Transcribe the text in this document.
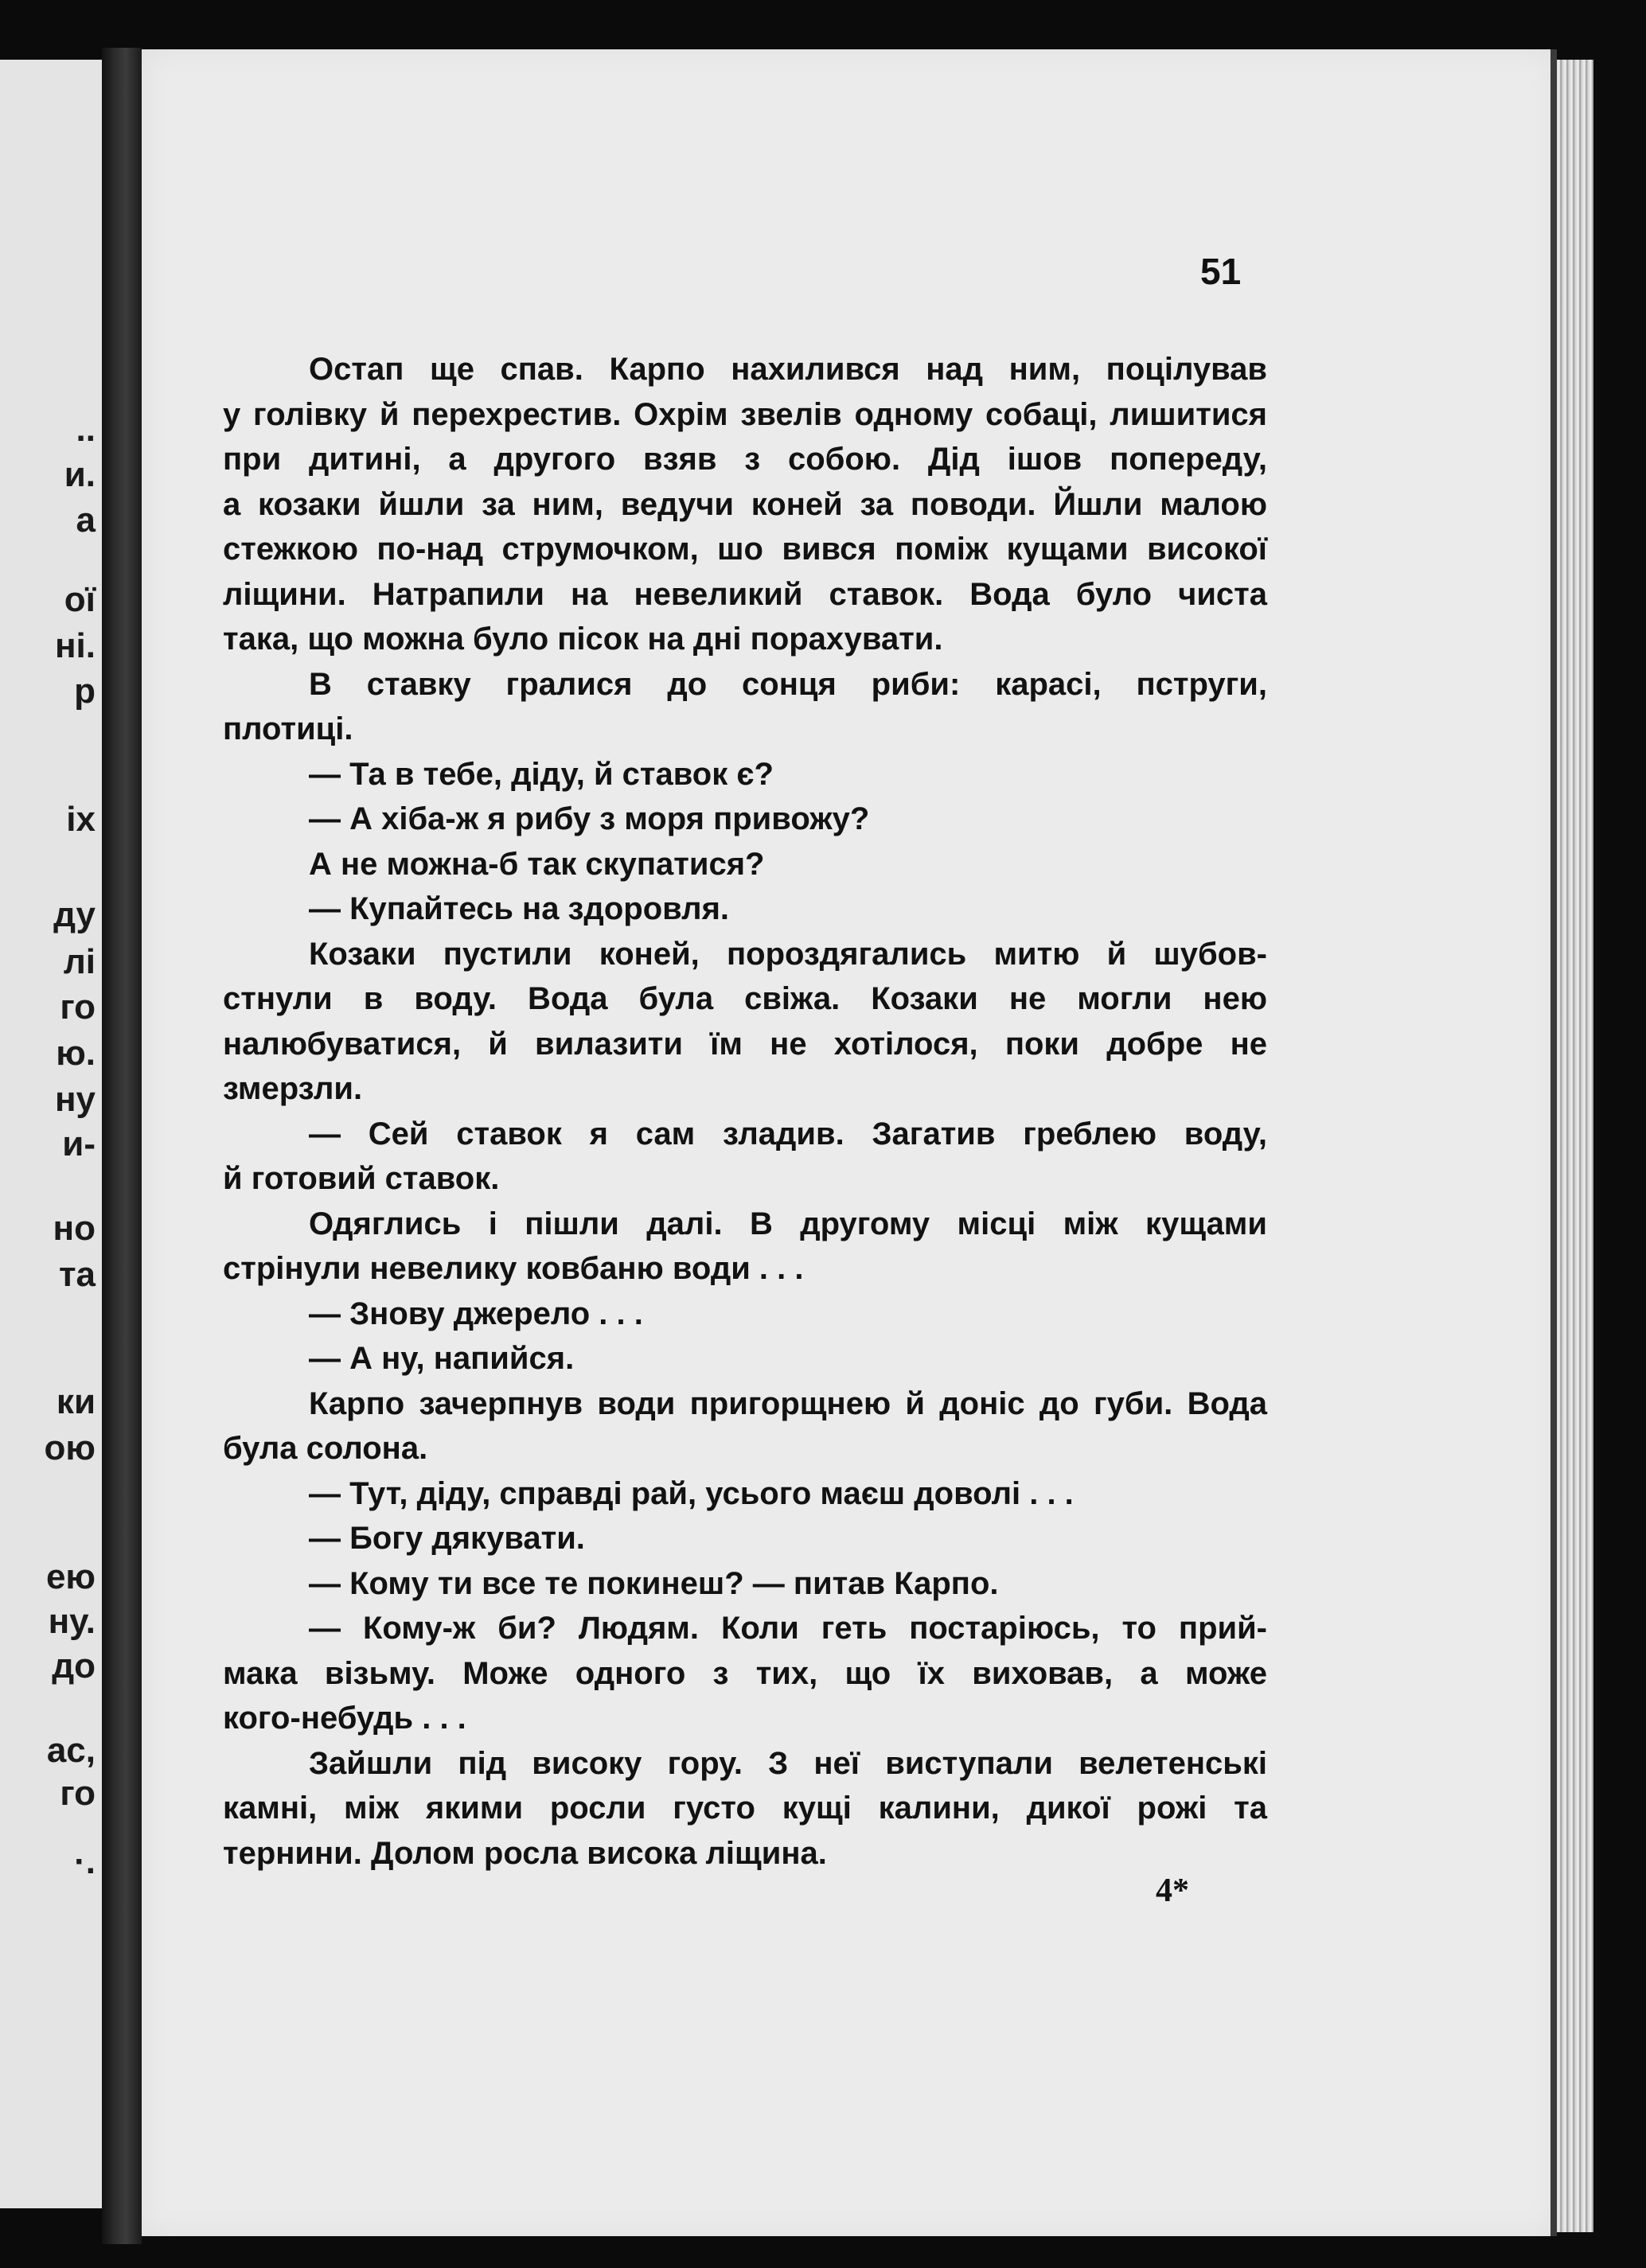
..
и.
а
ої
ні.
р
іх
ду
лі
го
ю.
ну
и-
но
та
ки
ою
ею
ну.
до
ас,
го
·.
51
Остап ще спав. Карпо нахилився над ним, поцілував
у голівку й перехрестив. Охрім звелів одному собаці, лишитися
при дитині, а другого взяв з собою. Дід ішов попереду,
а козаки йшли за ним, ведучи коней за поводи. Йшли малою
стежкою по-над струмочком, шо вився поміж кущами високої
ліщини. Натрапили на невеликий ставок. Вода було чиста
така, що можна було пісок на дні порахувати.
В ставку гралися до сонця риби: карасі, пструги,
плотиці.
— Та в тебе, діду, й ставок є?
— А хіба-ж я рибу з моря привожу?
А не можна-б так скупатися?
— Купайтесь на здоровля.
Козаки пустили коней, пороздягались митю й шубов-
стнули в воду. Вода була свіжа. Козаки не могли нею
налюбуватися, й вилазити їм не хотілося, поки добре не
змерзли.
— Сей ставок я сам зладив. Загатив греблею воду,
й готовий ставок.
Одяглись і пішли далі. В другому місці між кущами
стрінули невелику ковбаню води . . .
— Знову джерело . . .
— А ну, напийся.
Карпо зачерпнув води пригорщнею й доніс до губи. Вода
була солона.
— Тут, діду, справді рай, усього маєш доволі . . .
— Богу дякувати.
— Кому ти все те покинеш? — питав Карпо.
— Кому-ж би? Людям. Коли геть постаріюсь, то прий-
мака візьму. Може одного з тих, що їх виховав, а може
кого-небудь . . .
Зайшли під високу гору. З неї виступали велетенські
камні, між якими росли густо кущі калини, дикої рожі та
тернини. Долом росла висока ліщина.
4*
